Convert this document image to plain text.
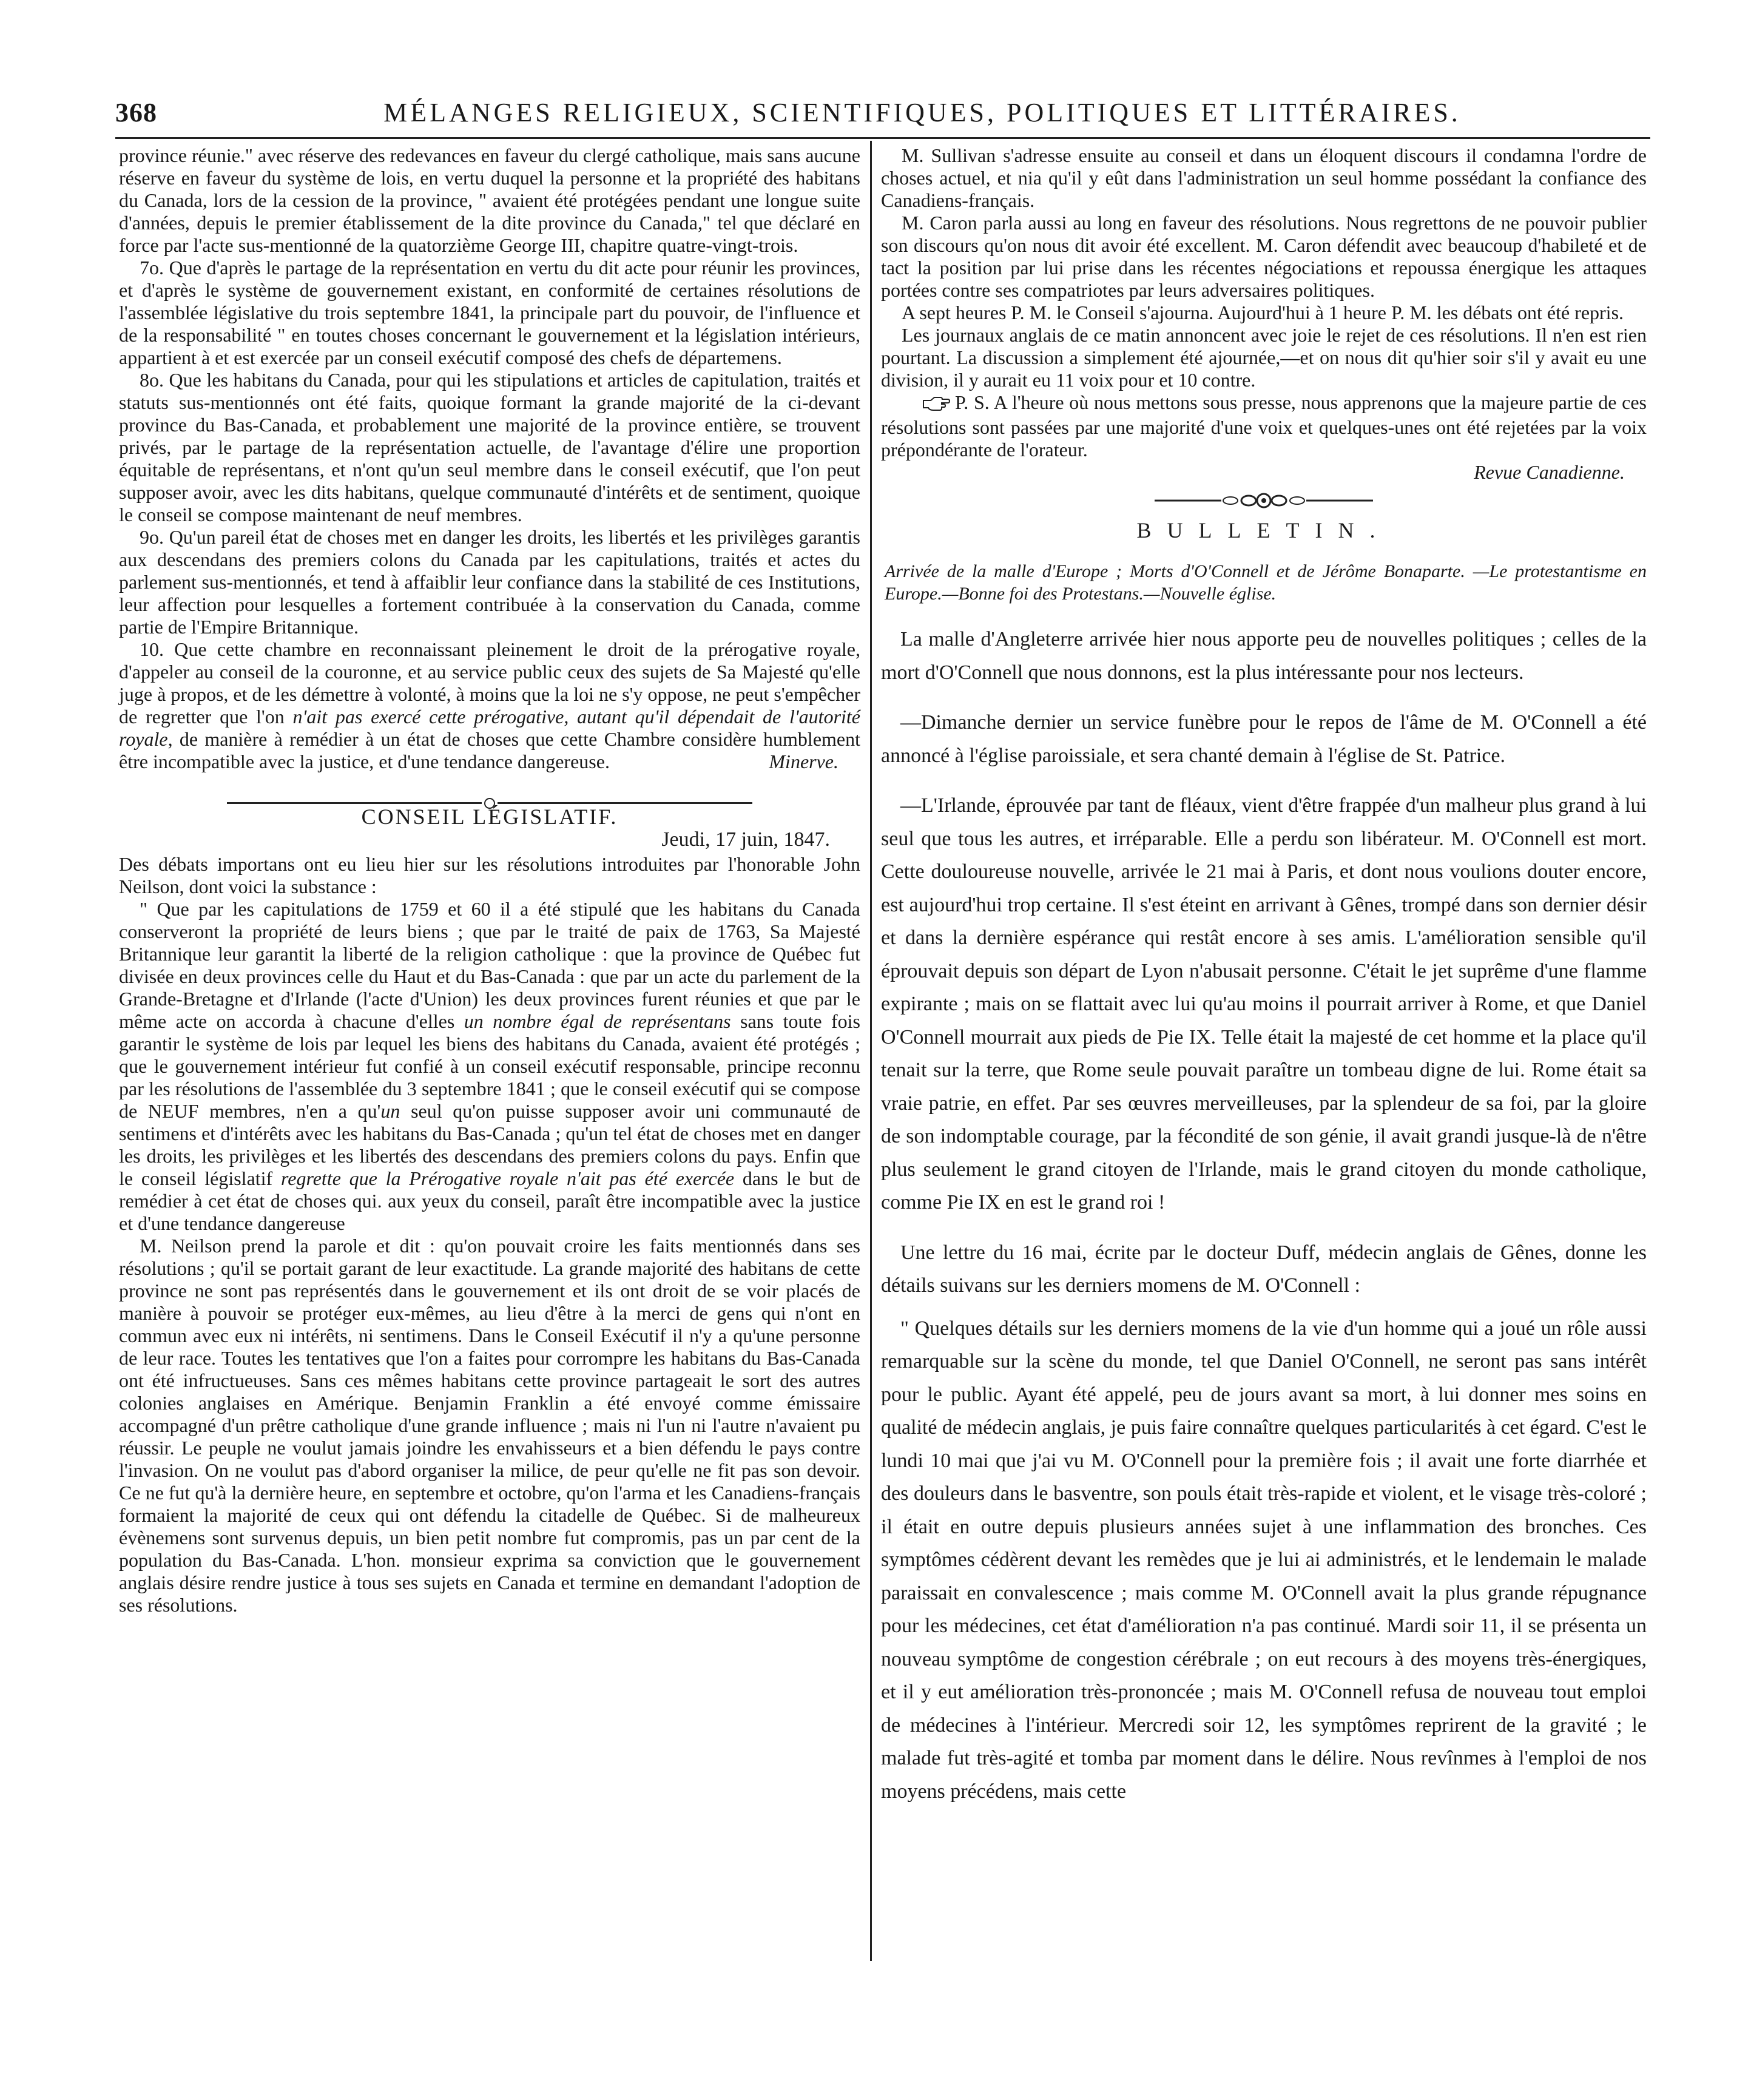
368	MÉLANGES RELIGIEUX, SCIENTIFIQUES, POLITIQUES ET LITTÉRAIRES.

province réunie." avec réserve des redevances en faveur du clergé catholique, mais sans aucune réserve en faveur du système de lois, en vertu duquel la personne et la propriété des habitans du Canada, lors de la cession de la province, " avaient été protégées pendant une longue suite d'années, depuis le premier établissement de la dite province du Canada," tel que déclaré en force par l'acte sus-mentionné de la quatorzième George III, chapitre quatre-vingt-trois.

7o. Que d'après le partage de la représentation en vertu du dit acte pour réunir les provinces, et d'après le système de gouvernement existant, en conformité de certaines résolutions de l'assemblée législative du trois septembre 1841, la principale part du pouvoir, de l'influence et de la responsabilité " en toutes choses concernant le gouvernement et la législation intérieurs, appartient à et est exercée par un conseil exécutif composé des chefs de départemens.

8o. Que les habitans du Canada, pour qui les stipulations et articles de capitulation, traités et statuts sus-mentionnés ont été faits, quoique formant la grande majorité de la ci-devant province du Bas-Canada, et probablement une majorité de la province entière, se trouvent privés, par le partage de la représentation actuelle, de l'avantage d'élire une proportion équitable de représentans, et n'ont qu'un seul membre dans le conseil exécutif, que l'on peut supposer avoir, avec les dits habitans, quelque communauté d'intérêts et de sentiment, quoique le conseil se compose maintenant de neuf membres.

9o. Qu'un pareil état de choses met en danger les droits, les libertés et les privilèges garantis aux descendans des premiers colons du Canada par les capitulations, traités et actes du parlement sus-mentionnés, et tend à affaiblir leur confiance dans la stabilité de ces Institutions, leur affection pour lesquelles a fortement contribuée à la conservation du Canada, comme partie de l'Empire Britannique.

10. Que cette chambre en reconnaissant pleinement le droit de la prérogative royale, d'appeler au conseil de la couronne, et au service public ceux des sujets de Sa Majesté qu'elle juge à propos, et de les démettre à volonté, à moins que la loi ne s'y oppose, ne peut s'empêcher de regretter que l'on n'ait pas exercé cette prérogative, autant qu'il dépendait de l'autorité royale, de manière à remédier à un état de choses que cette Chambre considère humblement être incompatible avec la justice, et d'une tendance dangereuse.	Minerve.

CONSEIL LÉGISLATIF.
Jeudi, 17 juin, 1847.

Des débats importans ont eu lieu hier sur les résolutions introduites par l'honorable John Neilson, dont voici la substance :

" Que par les capitulations de 1759 et 60 il a été stipulé que les habitans du Canada conserveront la propriété de leurs biens ; que par le traité de paix de 1763, Sa Majesté Britannique leur garantit la liberté de la religion catholique : que la province de Québec fut divisée en deux provinces celle du Haut et du Bas-Canada : que par un acte du parlement de la Grande-Bretagne et d'Irlande (l'acte d'Union) les deux provinces furent réunies et que par le même acte on accorda à chacune d'elles un nombre égal de représentans sans toute fois garantir le système de lois par lequel les biens des habitans du Canada, avaient été protégés ; que le gouvernement intérieur fut confié à un conseil exécutif responsable, principe reconnu par les résolutions de l'assemblée du 3 septembre 1841 ; que le conseil exécutif qui se compose de NEUF membres, n'en a qu'un seul qu'on puisse supposer avoir uni communauté de sentimens et d'intérêts avec les habitans du Bas-Canada ; qu'un tel état de choses met en danger les droits, les privilèges et les libertés des descendans des premiers colons du pays. Enfin que le conseil législatif regrette que la Prérogative royale n'ait pas été exercée dans le but de remédier à cet état de choses qui. aux yeux du conseil, paraît être incompatible avec la justice et d'une tendance dangereuse

M. Neilson prend la parole et dit : qu'on pouvait croire les faits mentionnés dans ses résolutions ; qu'il se portait garant de leur exactitude. La grande majorité des habitans de cette province ne sont pas représentés dans le gouvernement et ils ont droit de se voir placés de manière à pouvoir se protéger eux-mêmes, au lieu d'être à la merci de gens qui n'ont en commun avec eux ni intérêts, ni sentimens. Dans le Conseil Exécutif il n'y a qu'une personne de leur race. Toutes les tentatives que l'on a faites pour corrompre les habitans du Bas-Canada ont été infructueuses. Sans ces mêmes habitans cette province partageait le sort des autres colonies anglaises en Amérique. Benjamin Franklin a été envoyé comme émissaire accompagné d'un prêtre catholique d'une grande influence ; mais ni l'un ni l'autre n'avaient pu réussir. Le peuple ne voulut jamais joindre les envahisseurs et a bien défendu le pays contre l'invasion. On ne voulut pas d'abord organiser la milice, de peur qu'elle ne fit pas son devoir. Ce ne fut qu'à la dernière heure, en septembre et octobre, qu'on l'arma et les Canadiens-français formaient la majorité de ceux qui ont défendu la citadelle de Québec. Si de malheureux évènemens sont survenus depuis, un bien petit nombre fut compromis, pas un par cent de la population du Bas-Canada. L'hon. monsieur exprima sa conviction que le gouvernement anglais désire rendre justice à tous ses sujets en Canada et termine en demandant l'adoption de ses résolutions.

M. Sullivan s'adresse ensuite au conseil et dans un éloquent discours il condamna l'ordre de choses actuel, et nia qu'il y eût dans l'administration un seul homme possédant la confiance des Canadiens-français.

M. Caron parla aussi au long en faveur des résolutions. Nous regrettons de ne pouvoir publier son discours qu'on nous dit avoir été excellent. M. Caron défendit avec beaucoup d'habileté et de tact la position par lui prise dans les récentes négociations et repoussa énergique les attaques portées contre ses compatriotes par leurs adversaires politiques.

A sept heures P. M. le Conseil s'ajourna. Aujourd'hui à 1 heure P. M. les débats ont été repris.

Les journaux anglais de ce matin annoncent avec joie le rejet de ces résolutions. Il n'en est rien pourtant. La discussion a simplement été ajournée,—et on nous dit qu'hier soir s'il y avait eu une division, il y aurait eu 11 voix pour et 10 contre.

P. S. A l'heure où nous mettons sous presse, nous apprenons que la majeure partie de ces résolutions sont passées par une majorité d'une voix et quelques-unes ont été rejetées par la voix prépondérante de l'orateur.

Revue Canadienne.

BULLETIN.
Arrivée de la malle d'Europe ; Morts d'O'Connell et de Jérôme Bonaparte. —Le protestantisme en Europe.—Bonne foi des Protestans.—Nouvelle église.

La malle d'Angleterre arrivée hier nous apporte peu de nouvelles politiques ; celles de la mort d'O'Connell que nous donnons, est la plus intéressante pour nos lecteurs.

—Dimanche dernier un service funèbre pour le repos de l'âme de M. O'Connell a été annoncé à l'église paroissiale, et sera chanté demain à l'église de St. Patrice.

—L'Irlande, éprouvée par tant de fléaux, vient d'être frappée d'un malheur plus grand à lui seul que tous les autres, et irréparable. Elle a perdu son libérateur. M. O'Connell est mort. Cette douloureuse nouvelle, arrivée le 21 mai à Paris, et dont nous voulions douter encore, est aujourd'hui trop certaine. Il s'est éteint en arrivant à Gênes, trompé dans son dernier désir et dans la dernière espérance qui restât encore à ses amis. L'amélioration sensible qu'il éprouvait depuis son départ de Lyon n'abusait personne. C'était le jet suprême d'une flamme expirante ; mais on se flattait avec lui qu'au moins il pourrait arriver à Rome, et que Daniel O'Connell mourrait aux pieds de Pie IX. Telle était la majesté de cet homme et la place qu'il tenait sur la terre, que Rome seule pouvait paraître un tombeau digne de lui. Rome était sa vraie patrie, en effet. Par ses œuvres merveilleuses, par la splendeur de sa foi, par la gloire de son indomptable courage, par la fécondité de son génie, il avait grandi jusque-là de n'être plus seulement le grand citoyen de l'Irlande, mais le grand citoyen du monde catholique, comme Pie IX en est le grand roi !

Une lettre du 16 mai, écrite par le docteur Duff, médecin anglais de Gênes, donne les détails suivans sur les derniers momens de M. O'Connell :

" Quelques détails sur les derniers momens de la vie d'un homme qui a joué un rôle aussi remarquable sur la scène du monde, tel que Daniel O'Connell, ne seront pas sans intérêt pour le public. Ayant été appelé, peu de jours avant sa mort, à lui donner mes soins en qualité de médecin anglais, je puis faire connaître quelques particularités à cet égard. C'est le lundi 10 mai que j'ai vu M. O'Connell pour la première fois ; il avait une forte diarrhée et des douleurs dans le basventre, son pouls était très-rapide et violent, et le visage très-coloré ; il était en outre depuis plusieurs années sujet à une inflammation des bronches. Ces symptômes cédèrent devant les remèdes que je lui ai administrés, et le lendemain le malade paraissait en convalescence ; mais comme M. O'Connell avait la plus grande répugnance pour les médecines, cet état d'amélioration n'a pas continué. Mardi soir 11, il se présenta un nouveau symptôme de congestion cérébrale ; on eut recours à des moyens très-énergiques, et il y eut amélioration très-prononcée ; mais M. O'Connell refusa de nouveau tout emploi de médecines à l'intérieur. Mercredi soir 12, les symptômes reprirent de la gravité ; le malade fut très-agité et tomba par moment dans le délire. Nous revînmes à l'emploi de nos moyens précédens, mais cette
